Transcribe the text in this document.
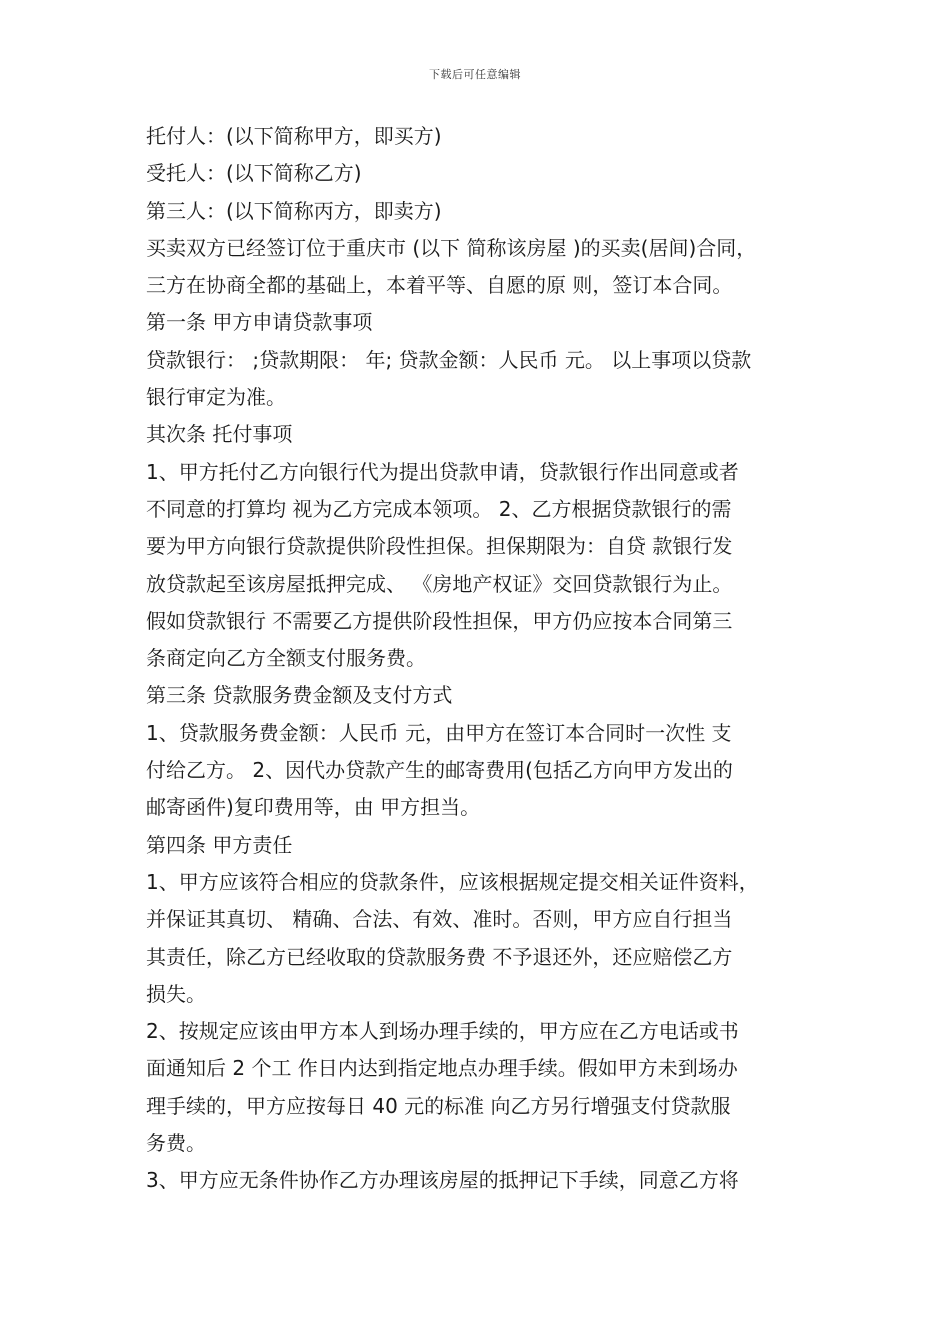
下载后可任意编辑
托付人：(以下简称甲方，即买方)
受托人：(以下简称乙方)
第三人：(以下简称丙方，即卖方)
买卖双方已经签订位于重庆市 (以下 简称该房屋 )的买卖(居间)合同，
三方在协商全都的基础上，本着平等、自愿的原 则，签订本合同。
第一条 甲方申请贷款事项
贷款银行： ;贷款期限： 年; 贷款金额：人民币 元。 以上事项以贷款
银行审定为准。
其次条 托付事项
1、甲方托付乙方向银行代为提出贷款申请，贷款银行作出同意或者
不同意的打算均 视为乙方完成本领项。 2、乙方根据贷款银行的需
要为甲方向银行贷款提供阶段性担保。担保期限为：自贷 款银行发
放贷款起至该房屋抵押完成、 《房地产权证》交回贷款银行为止。
假如贷款银行 不需要乙方提供阶段性担保，甲方仍应按本合同第三
条商定向乙方全额支付服务费。
第三条 贷款服务费金额及支付方式
1、贷款服务费金额：人民币 元，由甲方在签订本合同时一次性 支
付给乙方。 2、因代办贷款产生的邮寄费用(包括乙方向甲方发出的
邮寄函件)复印费用等，由 甲方担当。
第四条 甲方责任
1、甲方应该符合相应的贷款条件，应该根据规定提交相关证件资料，
并保证其真切、 精确、合法、有效、准时。否则，甲方应自行担当
其责任，除乙方已经收取的贷款服务费 不予退还外，还应赔偿乙方
损失。
2、按规定应该由甲方本人到场办理手续的，甲方应在乙方电话或书
面通知后 2 个工 作日内达到指定地点办理手续。假如甲方未到场办
理手续的，甲方应按每日 40 元的标准 向乙方另行增强支付贷款服
务费。
3、甲方应无条件协作乙方办理该房屋的抵押记下手续，同意乙方将
